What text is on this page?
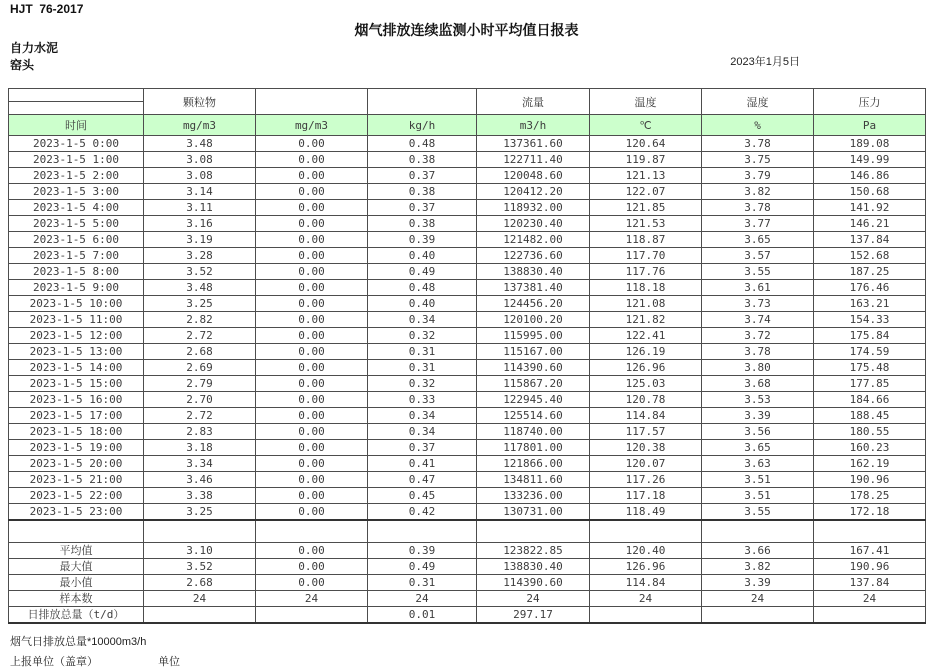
HJT  76-2017
烟气排放连续监测小时平均值日报表
自力水泥
窑头	2023年1月5日
	颗粒物			流量	温度	湿度	压力
时间	mg/m3	mg/m3	kg/h	m3/h	℃	%	Pa
2023-1-5 0:00	3.48	0.00	0.48	137361.60	120.64	3.78	189.08
2023-1-5 1:00	3.08	0.00	0.38	122711.40	119.87	3.75	149.99
2023-1-5 2:00	3.08	0.00	0.37	120048.60	121.13	3.79	146.86
2023-1-5 3:00	3.14	0.00	0.38	120412.20	122.07	3.82	150.68
2023-1-5 4:00	3.11	0.00	0.37	118932.00	121.85	3.78	141.92
2023-1-5 5:00	3.16	0.00	0.38	120230.40	121.53	3.77	146.21
2023-1-5 6:00	3.19	0.00	0.39	121482.00	118.87	3.65	137.84
2023-1-5 7:00	3.28	0.00	0.40	122736.60	117.70	3.57	152.68
2023-1-5 8:00	3.52	0.00	0.49	138830.40	117.76	3.55	187.25
2023-1-5 9:00	3.48	0.00	0.48	137381.40	118.18	3.61	176.46
2023-1-5 10:00	3.25	0.00	0.40	124456.20	121.08	3.73	163.21
2023-1-5 11:00	2.82	0.00	0.34	120100.20	121.82	3.74	154.33
2023-1-5 12:00	2.72	0.00	0.32	115995.00	122.41	3.72	175.84
2023-1-5 13:00	2.68	0.00	0.31	115167.00	126.19	3.78	174.59
2023-1-5 14:00	2.69	0.00	0.31	114390.60	126.96	3.80	175.48
2023-1-5 15:00	2.79	0.00	0.32	115867.20	125.03	3.68	177.85
2023-1-5 16:00	2.70	0.00	0.33	122945.40	120.78	3.53	184.66
2023-1-5 17:00	2.72	0.00	0.34	125514.60	114.84	3.39	188.45
2023-1-5 18:00	2.83	0.00	0.34	118740.00	117.57	3.56	180.55
2023-1-5 19:00	3.18	0.00	0.37	117801.00	120.38	3.65	160.23
2023-1-5 20:00	3.34	0.00	0.41	121866.00	120.07	3.63	162.19
2023-1-5 21:00	3.46	0.00	0.47	134811.60	117.26	3.51	190.96
2023-1-5 22:00	3.38	0.00	0.45	133236.00	117.18	3.51	178.25
2023-1-5 23:00	3.25	0.00	0.42	130731.00	118.49	3.55	172.18

平均值	3.10	0.00	0.39	123822.85	120.40	3.66	167.41
最大值	3.52	0.00	0.49	138830.40	126.96	3.82	190.96
最小值	2.68	0.00	0.31	114390.60	114.84	3.39	137.84
样本数	24	24	24	24	24	24	24
日排放总量（t/d）			0.01	297.17			
烟气日排放总量*10000m3/h
上报单位（盖章）	单位
